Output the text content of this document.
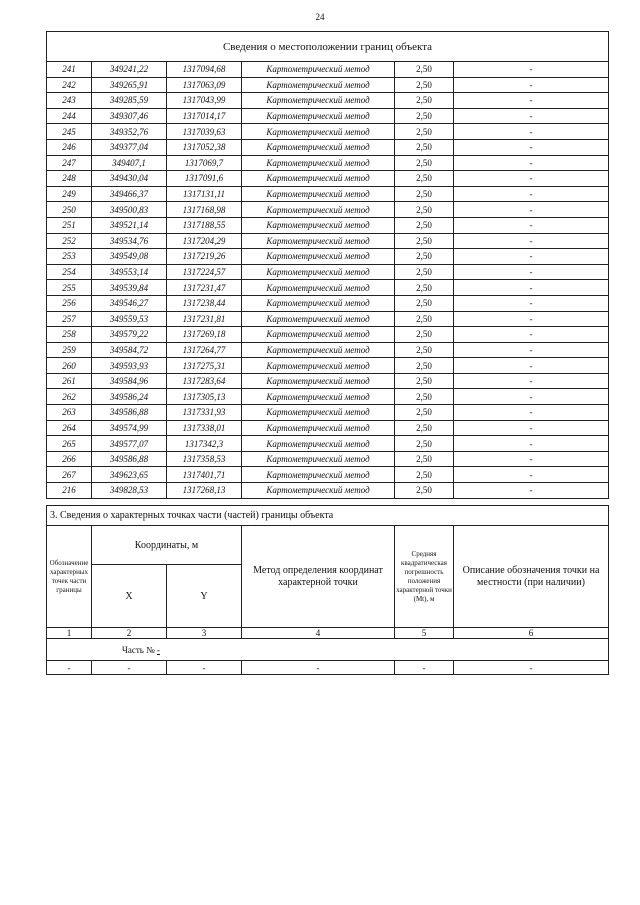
24
Сведения о местоположении границ объекта					
241	349241,22	1317094,68	Картометрический метод	2,50	-
242	349265,91	1317063,09	Картометрический метод	2,50	-
243	349285,59	1317043,99	Картометрический метод	2,50	-
244	349307,46	1317014,17	Картометрический метод	2,50	-
245	349352,76	1317039,63	Картометрический метод	2,50	-
246	349377,04	1317052,38	Картометрический метод	2,50	-
247	349407,1	1317069,7	Картометрический метод	2,50	-
248	349430,04	1317091,6	Картометрический метод	2,50	-
249	349466,37	1317131,11	Картометрический метод	2,50	-
250	349500,83	1317168,98	Картометрический метод	2,50	-
251	349521,14	1317188,55	Картометрический метод	2,50	-
252	349534,76	1317204,29	Картометрический метод	2,50	-
253	349549,08	1317219,26	Картометрический метод	2,50	-
254	349553,14	1317224,57	Картометрический метод	2,50	-
255	349539,84	1317231,47	Картометрический метод	2,50	-
256	349546,27	1317238,44	Картометрический метод	2,50	-
257	349559,53	1317231,81	Картометрический метод	2,50	-
258	349579,22	1317269,18	Картометрический метод	2,50	-
259	349584,72	1317264,77	Картометрический метод	2,50	-
260	349593,93	1317275,31	Картометрический метод	2,50	-
261	349584,96	1317283,64	Картометрический метод	2,50	-
262	349586,24	1317305,13	Картометрический метод	2,50	-
263	349586,88	1317331,93	Картометрический метод	2,50	-
264	349574,99	1317338,01	Картометрический метод	2,50	-
265	349577,07	1317342,3	Картометрический метод	2,50	-
266	349586,88	1317358,53	Картометрический метод	2,50	-
267	349623,65	1317401,71	Картометрический метод	2,50	-
216	349828,53	1317268,13	Картометрический метод	2,50	-
3. Сведения о характерных точках части (частей) границы объекта					
Обозначение характерных точек части границы	Координаты, м		Метод определения координат характерной точки	Средняя квадратическая погрешность положения характерной точки (Мt), м	Описание обозначения точки на местности (при наличии)
	X	Y			
1	2	3	4	5	6
Часть № -					
-	-	-	-	-	-
